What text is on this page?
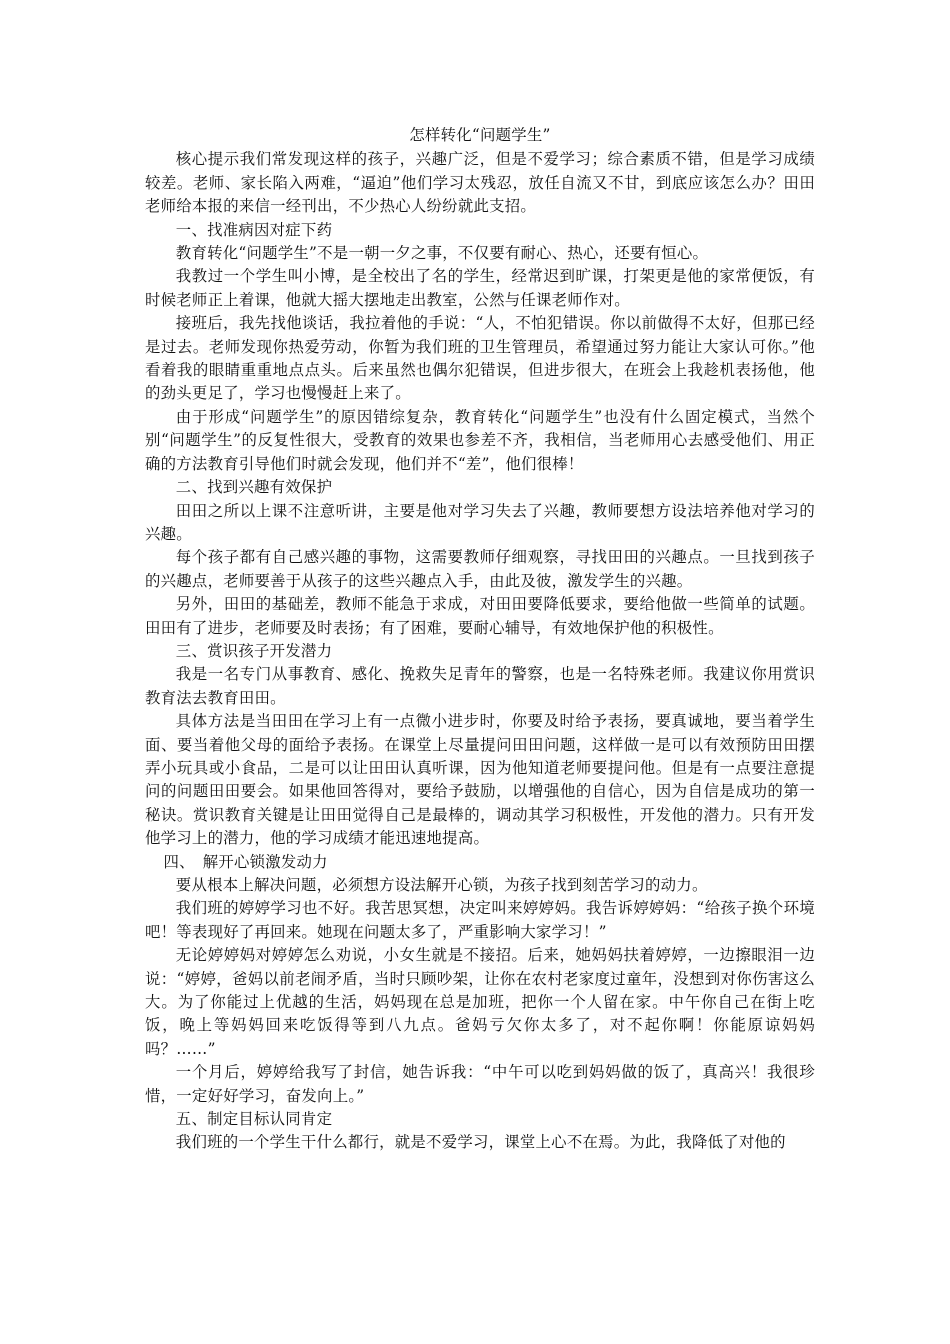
怎样转化“问题学生”

核心提示我们常发现这样的孩子，兴趣广泛，但是不爱学习；综合素质不错，但是学习成绩较差。老师、家长陷入两难，“逼迫”他们学习太残忍，放任自流又不甘，到底应该怎么办？田田老师给本报的来信一经刊出，不少热心人纷纷就此支招。

一、找准病因对症下药

教育转化“问题学生”不是一朝一夕之事，不仅要有耐心、热心，还要有恒心。

我教过一个学生叫小博，是全校出了名的学生，经常迟到旷课，打架更是他的家常便饭，有时候老师正上着课，他就大摇大摆地走出教室，公然与任课老师作对。

接班后，我先找他谈话，我拉着他的手说：“人，不怕犯错误。你以前做得不太好，但那已经是过去。老师发现你热爱劳动，你暂为我们班的卫生管理员，希望通过努力能让大家认可你。”他看着我的眼睛重重地点点头。后来虽然也偶尔犯错误，但进步很大，在班会上我趁机表扬他，他的劲头更足了，学习也慢慢赶上来了。

由于形成“问题学生”的原因错综复杂，教育转化“问题学生”也没有什么固定模式，当然个别“问题学生”的反复性很大，受教育的效果也参差不齐，我相信，当老师用心去感受他们、用正确的方法教育引导他们时就会发现，他们并不“差”，他们很棒！

二、找到兴趣有效保护

田田之所以上课不注意听讲，主要是他对学习失去了兴趣，教师要想方设法培养他对学习的兴趣。

每个孩子都有自己感兴趣的事物，这需要教师仔细观察，寻找田田的兴趣点。一旦找到孩子的兴趣点，老师要善于从孩子的这些兴趣点入手，由此及彼，激发学生的兴趣。

另外，田田的基础差，教师不能急于求成，对田田要降低要求，要给他做一些简单的试题。田田有了进步，老师要及时表扬；有了困难，要耐心辅导，有效地保护他的积极性。

三、赏识孩子开发潜力

我是一名专门从事教育、感化、挽救失足青年的警察，也是一名特殊老师。我建议你用赏识教育法去教育田田。

具体方法是当田田在学习上有一点微小进步时，你要及时给予表扬，要真诚地，要当着学生面、要当着他父母的面给予表扬。在课堂上尽量提问田田问题，这样做一是可以有效预防田田摆弄小玩具或小食品，二是可以让田田认真听课，因为他知道老师要提问他。但是有一点要注意提问的问题田田要会。如果他回答得对，要给予鼓励，以增强他的自信心，因为自信是成功的第一秘诀。赏识教育关键是让田田觉得自己是最棒的，调动其学习积极性，开发他的潜力。只有开发他学习上的潜力，他的学习成绩才能迅速地提高。

四、　解开心锁激发动力

要从根本上解决问题，必须想方设法解开心锁，为孩子找到刻苦学习的动力。

我们班的婷婷学习也不好。我苦思冥想，决定叫来婷婷妈。我告诉婷婷妈：“给孩子换个环境吧！等表现好了再回来。她现在问题太多了，严重影响大家学习！”

无论婷婷妈对婷婷怎么劝说，小女生就是不接招。后来，她妈妈扶着婷婷，一边擦眼泪一边说：“婷婷，爸妈以前老闹矛盾，当时只顾吵架，让你在农村老家度过童年，没想到对你伤害这么大。为了你能过上优越的生活，妈妈现在总是加班，把你一个人留在家。中午你自己在街上吃饭，晚上等妈妈回来吃饭得等到八九点。爸妈亏欠你太多了，对不起你啊！你能原谅妈妈吗？……”

一个月后，婷婷给我写了封信，她告诉我：“中午可以吃到妈妈做的饭了，真高兴！我很珍惜，一定好好学习，奋发向上。”

五、制定目标认同肯定

我们班的一个学生干什么都行，就是不爱学习，课堂上心不在焉。为此，我降低了对他的
